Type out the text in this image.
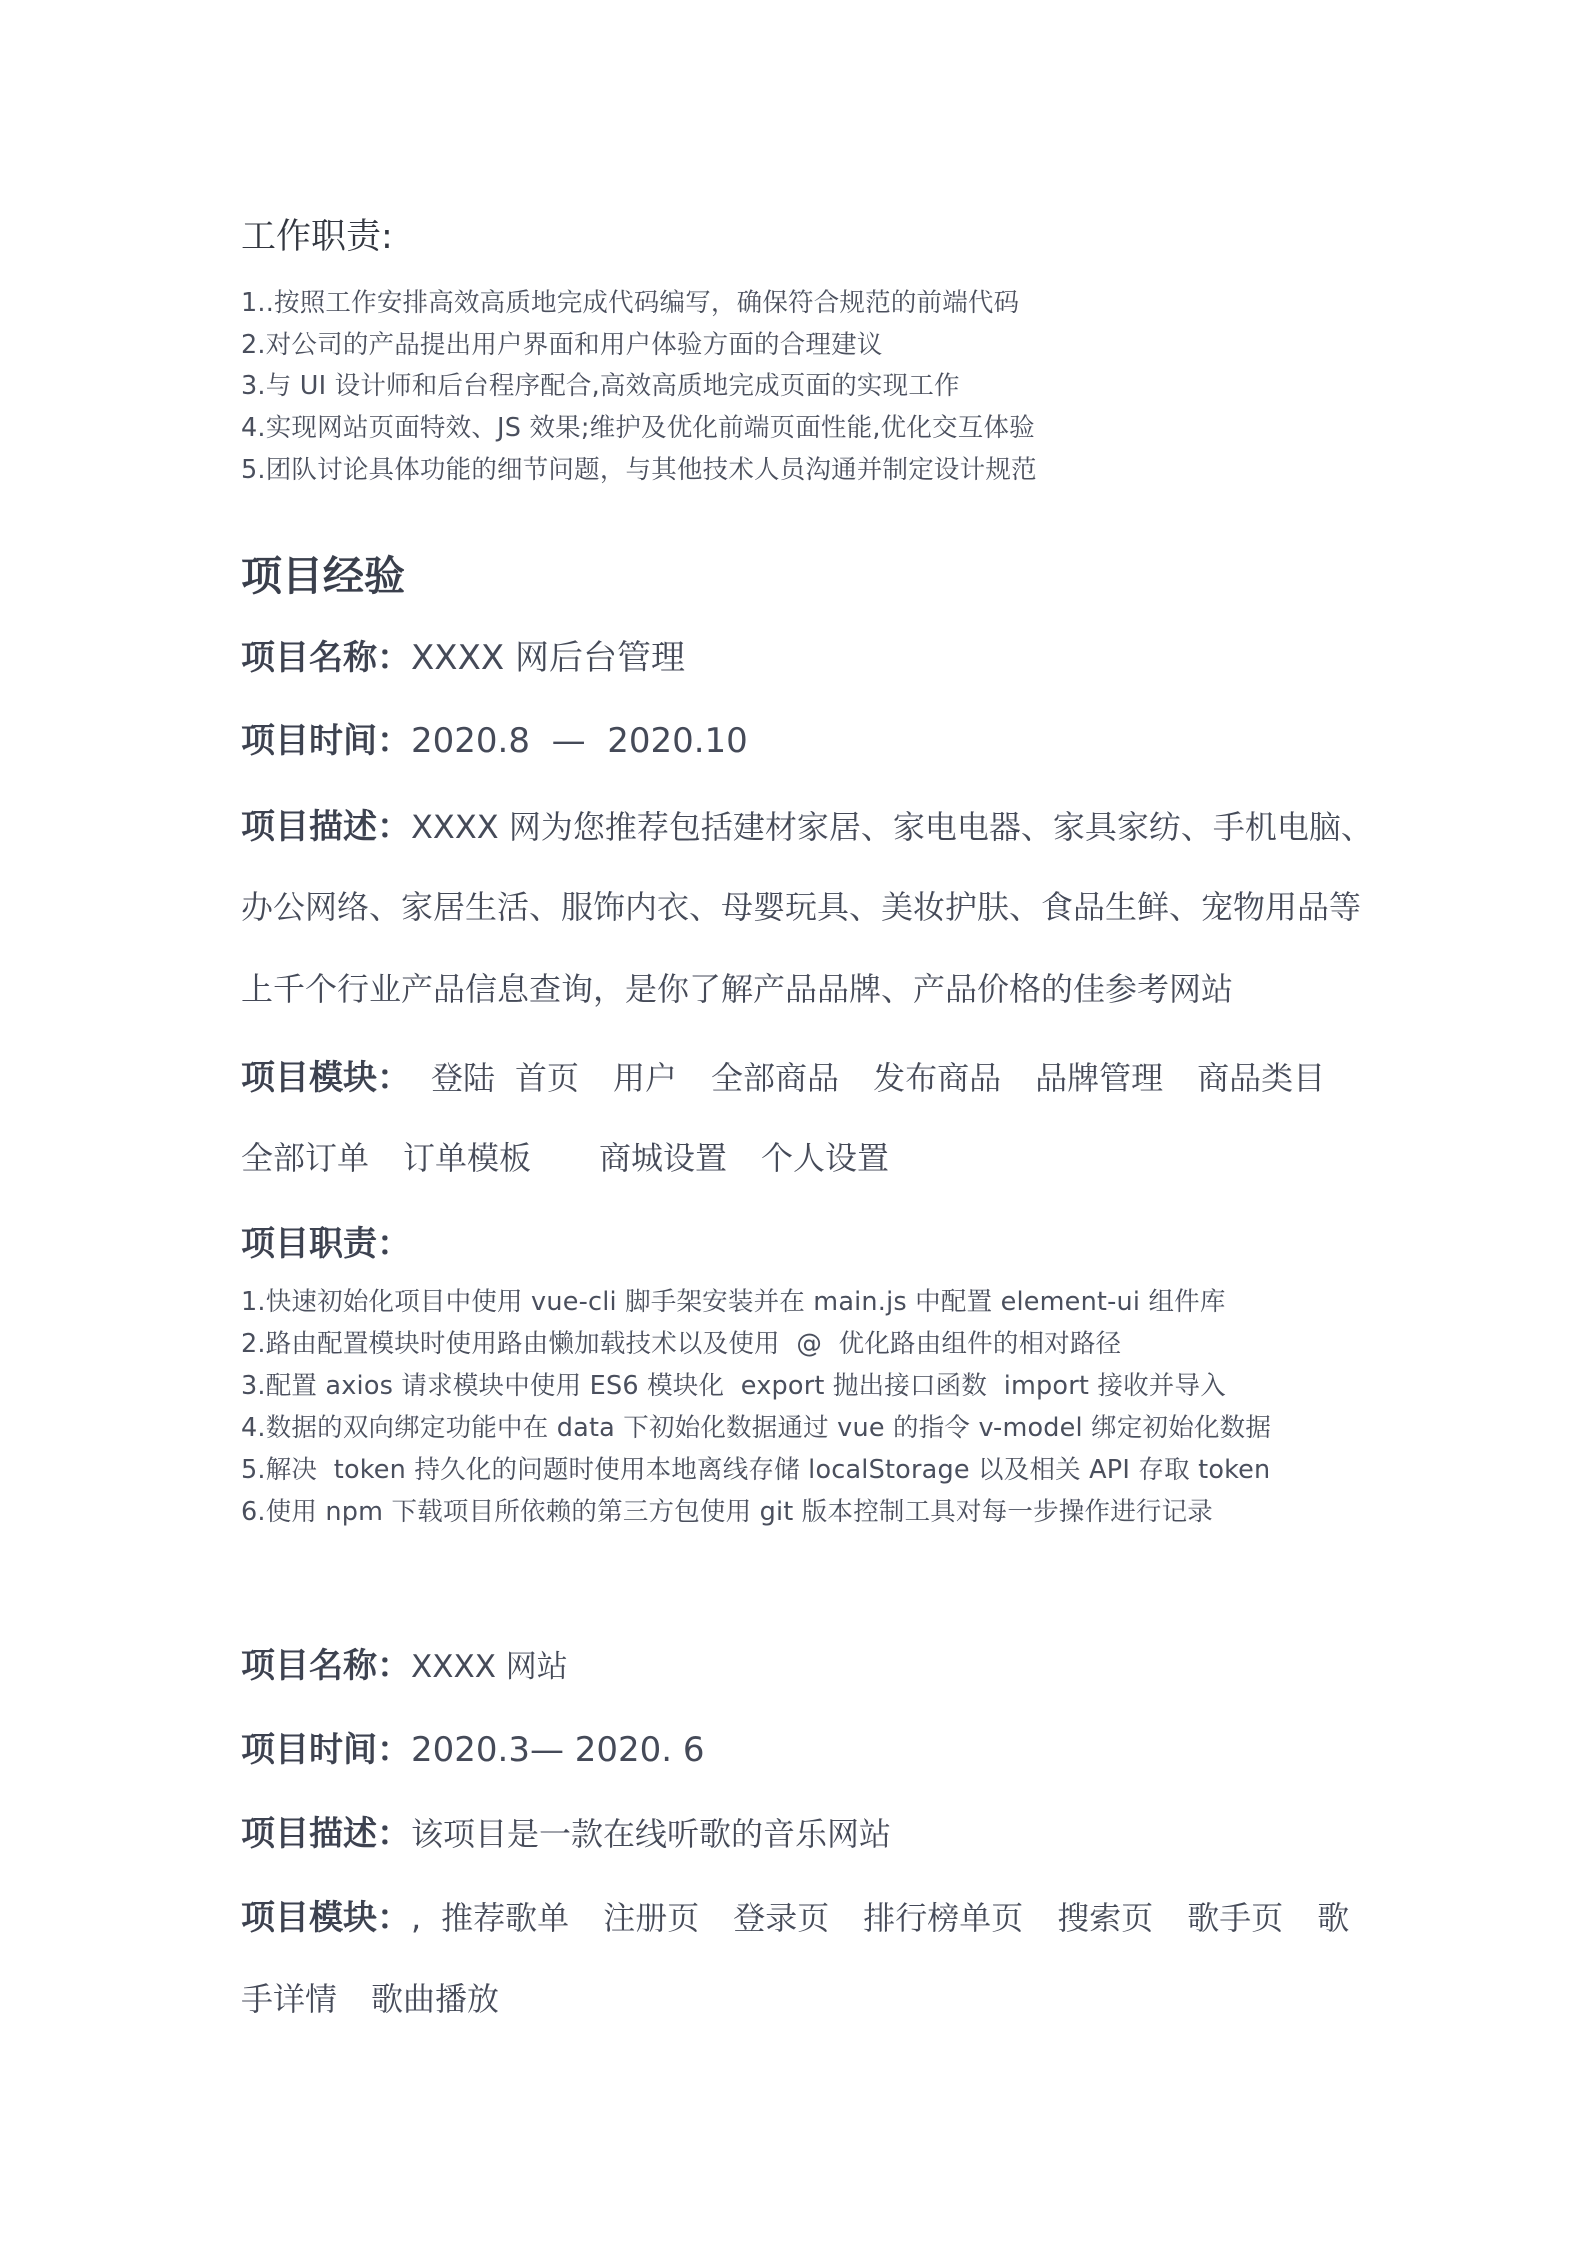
工作职责:
1..按照工作安排高效高质地完成代码编写，确保符合规范的前端代码
2.对公司的产品提出用户界面和用户体验方面的合理建议
3.与 UI 设计师和后台程序配合,高效高质地完成页面的实现工作
4.实现网站页面特效、JS 效果;维护及优化前端页面性能,优化交互体验
5.团队讨论具体功能的细节问题，与其他技术人员沟通并制定设计规范
项目经验
项目名称：XXXX 网后台管理
项目时间：2020.8  —  2020.10
项目描述：XXXX 网为您推荐包括建材家居、家电电器、家具家纺、手机电脑、
办公网络、家居生活、服饰内衣、母婴玩具、美妆护肤、食品生鲜、宠物用品等
上千个行业产品信息查询，是你了解产品品牌、产品价格的佳参考网站
项目模块： 登陆 首页 用户 全部商品 发布商品 品牌管理 商品类目
全部订单 订单模板 商城设置 个人设置
项目职责：
1.快速初始化项目中使用 vue-cli 脚手架安装并在 main.js 中配置 element-ui 组件库
2.路由配置模块时使用路由懒加载技术以及使用  @  优化路由组件的相对路径
3.配置 axios 请求模块中使用 ES6 模块化  export 抛出接口函数  import 接收并导入
4.数据的双向绑定功能中在 data 下初始化数据通过 vue 的指令 v-model 绑定初始化数据
5.解决  token 持久化的问题时使用本地离线存储 localStorage 以及相关 API 存取 token
6.使用 npm 下载项目所依赖的第三方包使用 git 版本控制工具对每一步操作进行记录
项目名称：XXXX 网站
项目时间：2020.3— 2020. 6
项目描述：该项目是一款在线听歌的音乐网站
项目模块：, 推荐歌单 注册页 登录页 排行榜单页 搜索页 歌手页 歌
手详情 歌曲播放
